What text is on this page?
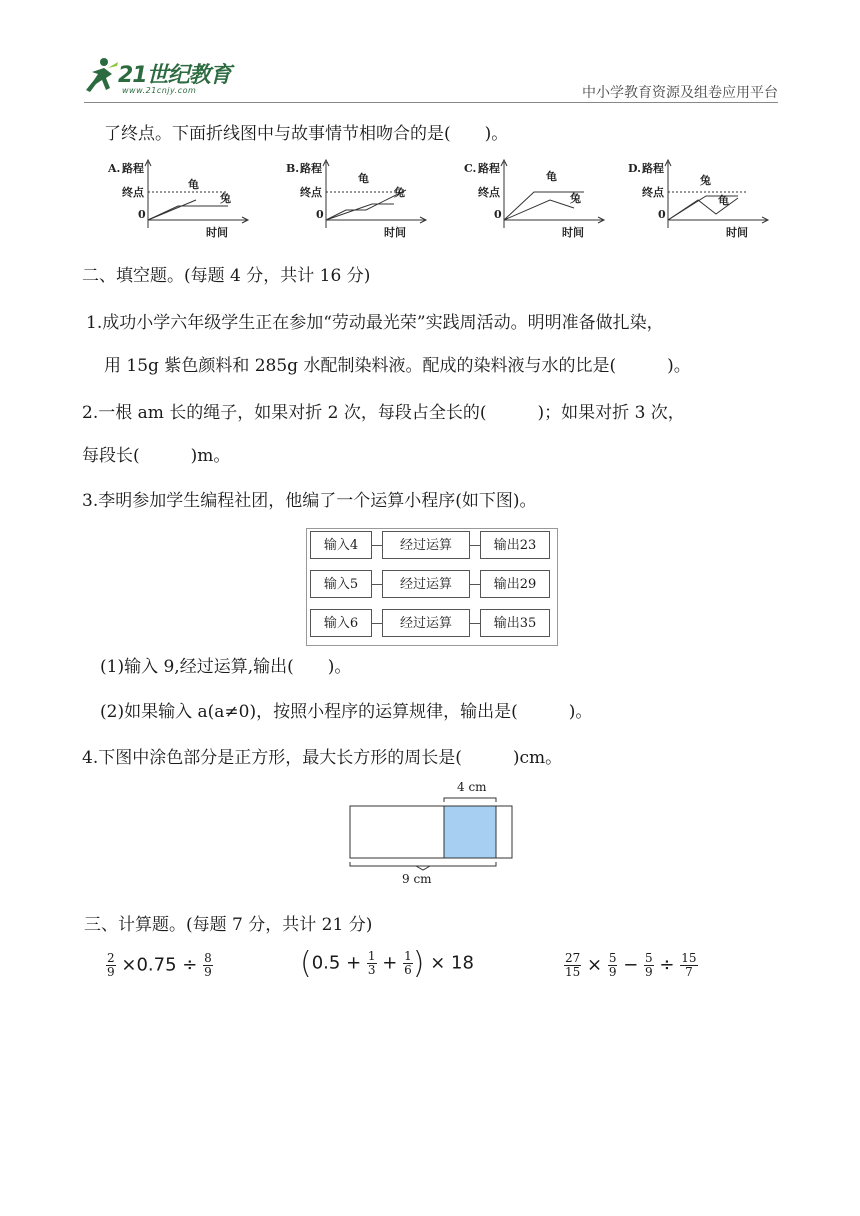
21世纪教育
www.21cnjy.com	中小学教育资源及组卷应用平台
了终点。下面折线图中与故事情节相吻合的是(　　)。
A. 路程
终点
0
时间
龟
兔
B. 路程
终点
0
时间
龟
兔
C. 路程
终点
0
时间
龟
兔
D. 路程
终点
0
时间
龟
兔
二、填空题。(每题 4 分，共计 16 分)
1.成功小学六年级学生正在参加“劳动最光荣”实践周活动。明明准备做扎染，
用 15g 紫色颜料和 285g 水配制染料液。配成的染料液与水的比是(　　　)。
2.一根 am 长的绳子，如果对折 2 次，每段占全长的(　　　)；如果对折 3 次，
每段长(　　　)m。
3.李明参加学生编程社团，他编了一个运算小程序(如下图)。
输入4	经过运算	输出23
输入5	经过运算	输出29
输入6	经过运算	输出35
(1)输入 9,经过运算,输出(　　)。
(2)如果输入 a(a≠0)，按照小程序的运算规律，输出是(　　　)。
4.下图中涂色部分是正方形，最大长方形的周长是(　　　)cm。
4 cm
9 cm
三、计算题。(每题 7 分，共计 21 分)
$\frac{2}{9} \times 0.75 \div \frac{8}{9}$	($0.5 + \frac{1}{3} + \frac{1}{6}$ ) × 18	$\frac{27}{15} \times \frac{5}{9} - \frac{5}{9} \div \frac{15}{7}$
